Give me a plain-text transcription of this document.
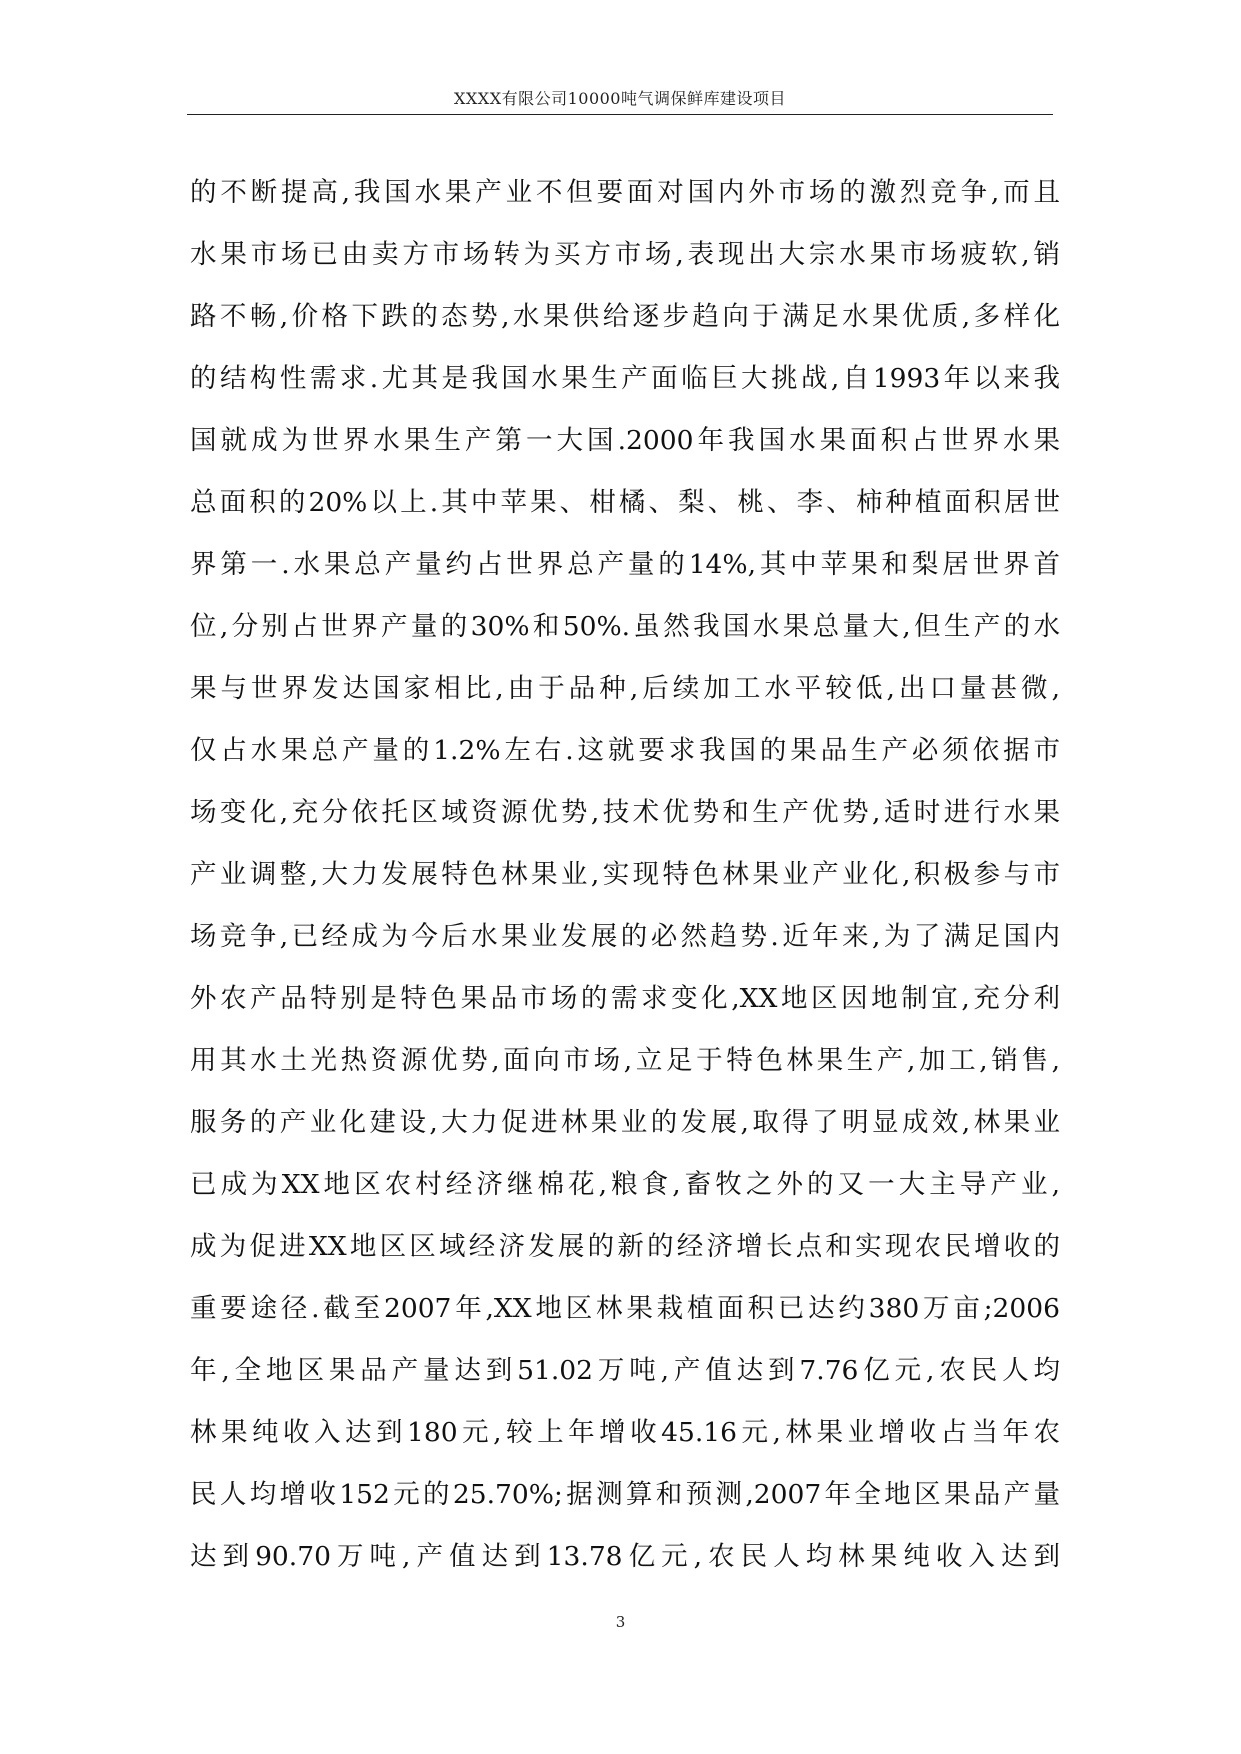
XXXX有限公司10000吨气调保鲜库建设项目
的不断提高,我国水果产业不但要面对国内外市场的激烈竞争,而且
水果市场已由卖方市场转为买方市场,表现出大宗水果市场疲软,销
路不畅,价格下跌的态势,水果供给逐步趋向于满足水果优质,多样化
的结构性需求.尤其是我国水果生产面临巨大挑战,自1993年以来我
国就成为世界水果生产第一大国.2000年我国水果面积占世界水果
总面积的20%以上.其中苹果、柑橘、梨、桃、李、柿种植面积居世
界第一.水果总产量约占世界总产量的14%,其中苹果和梨居世界首
位,分别占世界产量的30%和50%.虽然我国水果总量大,但生产的水
果与世界发达国家相比,由于品种,后续加工水平较低,出口量甚微,
仅占水果总产量的1.2%左右.这就要求我国的果品生产必须依据市
场变化,充分依托区域资源优势,技术优势和生产优势,适时进行水果
产业调整,大力发展特色林果业,实现特色林果业产业化,积极参与市
场竞争,已经成为今后水果业发展的必然趋势.近年来,为了满足国内
外农产品特别是特色果品市场的需求变化,XX地区因地制宜,充分利
用其水土光热资源优势,面向市场,立足于特色林果生产,加工,销售,
服务的产业化建设,大力促进林果业的发展,取得了明显成效,林果业
已成为XX地区农村经济继棉花,粮食,畜牧之外的又一大主导产业,
成为促进XX地区区域经济发展的新的经济增长点和实现农民增收的
重要途径.截至2007年,XX地区林果栽植面积已达约380万亩;2006
年,全地区果品产量达到51.02万吨,产值达到7.76亿元,农民人均
林果纯收入达到180元,较上年增收45.16元,林果业增收占当年农
民人均增收152元的25.70%;据测算和预测,2007年全地区果品产量
达到90.70万吨,产值达到13.78亿元,农民人均林果纯收入达到
3
